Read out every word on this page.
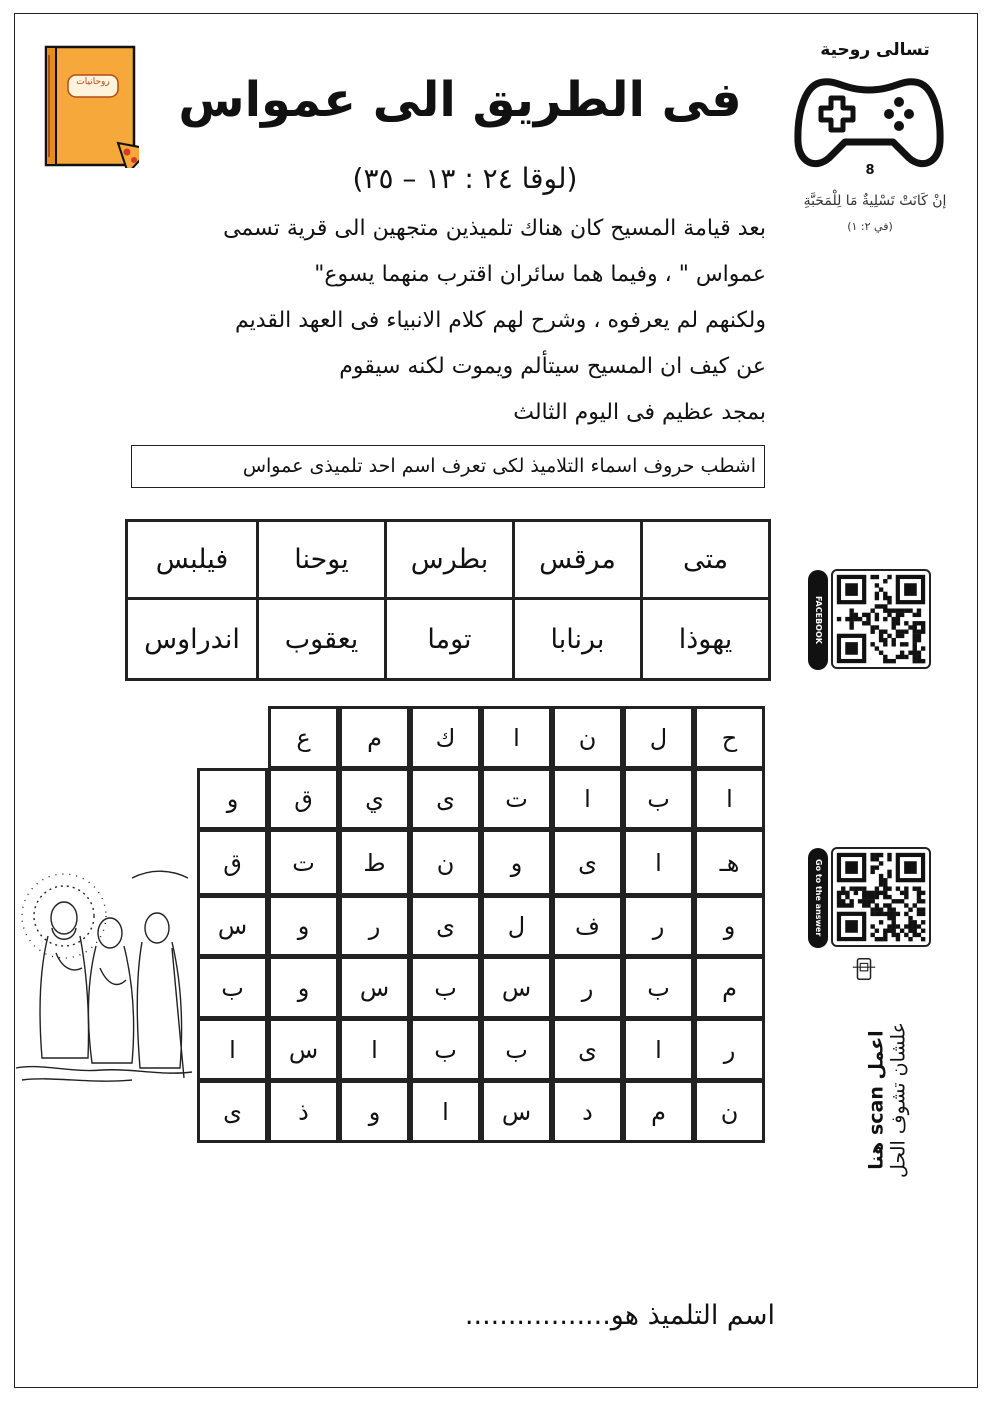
روحانيات	فى الطريق الى عمواس
(لوقا ٢٤ : ١٣ – ٣٥)
تسالى روحية
8
إنْ كَانَتْ تَسْلِيةٌ مَا لِلْمَحَبَّةِ
(في ٢: ١)
بعد قيامة المسيح كان هناك تلميذين متجهين الى قرية تسمى
عمواس " ، وفيما هما سائران اقترب منهما يسوع"
ولكنهم لم يعرفوه ، وشرح لهم كلام الانبياء فى العهد القديم
عن كيف ان المسيح سيتألم ويموت لكنه سيقوم
بمجد عظيم فى اليوم الثالث
اشطب حروف اسماء التلاميذ لكى تعرف اسم احد تلميذى عمواس
متى
مرقس
بطرس
يوحنا
فيلبس
يهوذا
برنابا
توما
يعقوب
اندراوس
ح
ل
ن
ا
ك
م
ع
ا
ب
ا
ت
ى
ي
ق
و
هـ
ا
ى
و
ن
ط
ت
ق
و
ر
ف
ل
ى
ر
و
س
م
ب
ر
س
ب
س
و
ب
ر
ا
ى
ب
ب
ا
س
ا
ن
م
د
س
ا
و
ذ
ى
FACEBOOK
Go to the answer
اعمل scan هنا علشان تشوف الحل
اسم التلميذ هو.................
